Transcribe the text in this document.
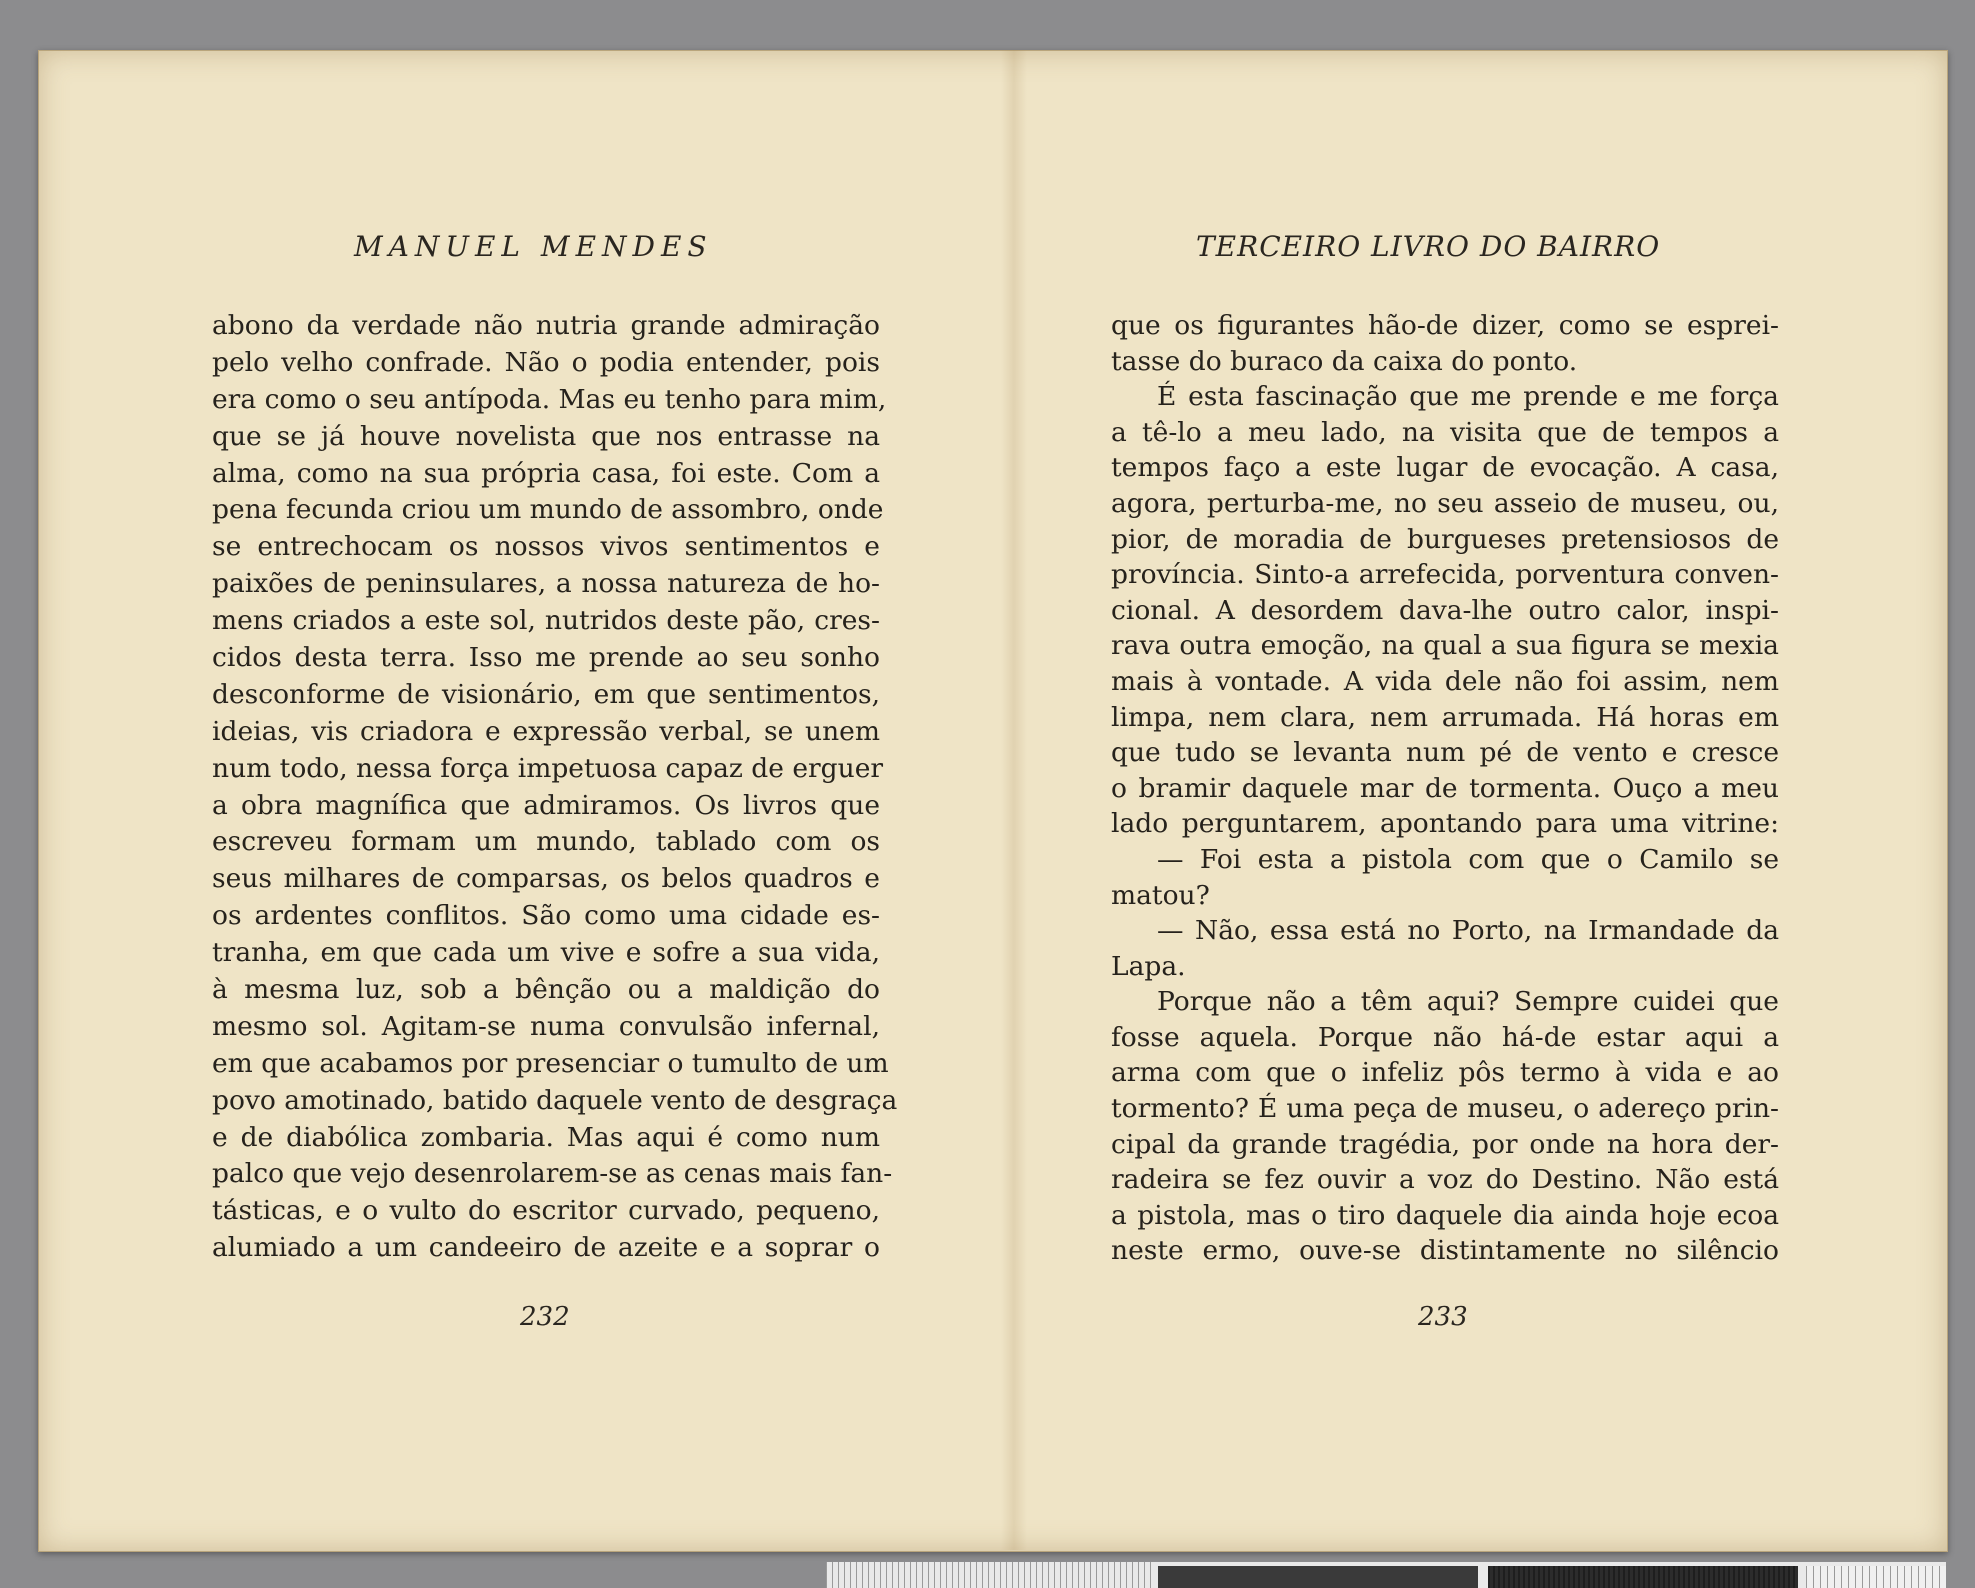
MANUEL MENDES	TERCEIRO LIVRO DO BAIRRO
abono da verdade não nutria grande admiração
pelo velho confrade. Não o podia entender, pois
era como o seu antípoda. Mas eu tenho para mim,
que se já houve novelista que nos entrasse na
alma, como na sua própria casa, foi este. Com a
pena fecunda criou um mundo de assombro, onde
se entrechocam os nossos vivos sentimentos e
paixões de peninsulares, a nossa natureza de ho-
mens criados a este sol, nutridos deste pão, cres-
cidos desta terra. Isso me prende ao seu sonho
desconforme de visionário, em que sentimentos,
ideias, vis criadora e expressão verbal, se unem
num todo, nessa força impetuosa capaz de erguer
a obra magnífica que admiramos. Os livros que
escreveu formam um mundo, tablado com os
seus milhares de comparsas, os belos quadros e
os ardentes conflitos. São como uma cidade es-
tranha, em que cada um vive e sofre a sua vida,
à mesma luz, sob a bênção ou a maldição do
mesmo sol. Agitam-se numa convulsão infernal,
em que acabamos por presenciar o tumulto de um
povo amotinado, batido daquele vento de desgraça
e de diabólica zombaria. Mas aqui é como num
palco que vejo desenrolarem-se as cenas mais fan-
tásticas, e o vulto do escritor curvado, pequeno,
alumiado a um candeeiro de azeite e a soprar o
que os figurantes hão-de dizer, como se esprei-
tasse do buraco da caixa do ponto.
É esta fascinação que me prende e me força
a tê-lo a meu lado, na visita que de tempos a
tempos faço a este lugar de evocação. A casa,
agora, perturba-me, no seu asseio de museu, ou,
pior, de moradia de burgueses pretensiosos de
província. Sinto-a arrefecida, porventura conven-
cional. A desordem dava-lhe outro calor, inspi-
rava outra emoção, na qual a sua figura se mexia
mais à vontade. A vida dele não foi assim, nem
limpa, nem clara, nem arrumada. Há horas em
que tudo se levanta num pé de vento e cresce
o bramir daquele mar de tormenta. Ouço a meu
lado perguntarem, apontando para uma vitrine:
— Foi esta a pistola com que o Camilo se
matou?
— Não, essa está no Porto, na Irmandade da
Lapa.
Porque não a têm aqui? Sempre cuidei que
fosse aquela. Porque não há-de estar aqui a
arma com que o infeliz pôs termo à vida e ao
tormento? É uma peça de museu, o adereço prin-
cipal da grande tragédia, por onde na hora der-
radeira se fez ouvir a voz do Destino. Não está
a pistola, mas o tiro daquele dia ainda hoje ecoa
neste ermo, ouve-se distintamente no silêncio
232	233
